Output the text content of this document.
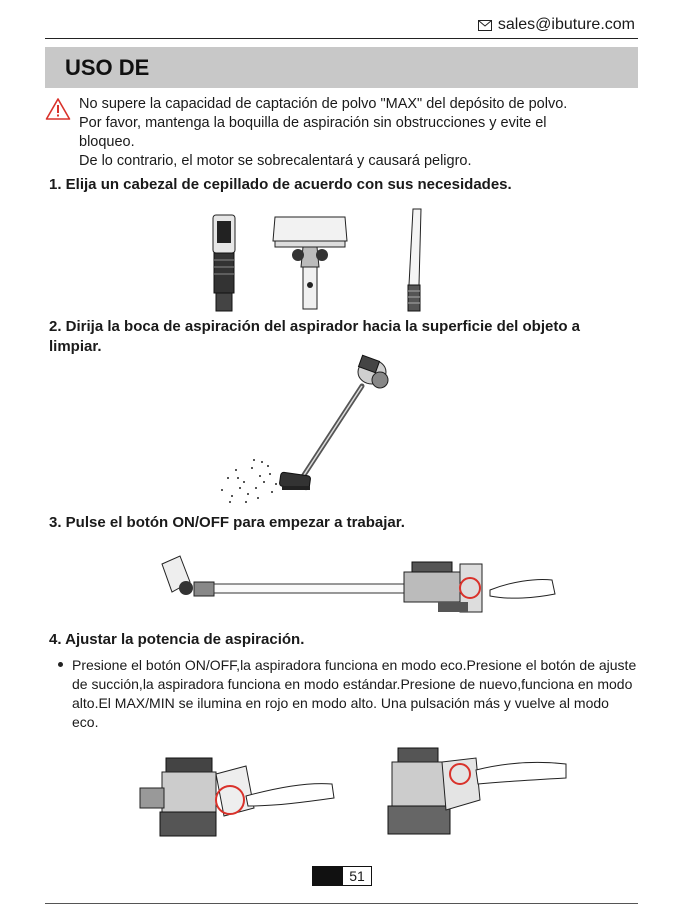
sales@ibuture.com
USO DE
No supere la capacidad de captación de polvo "MAX" del depósito de polvo.
Por favor, mantenga la boquilla de aspiración sin obstrucciones y evite el
bloqueo.
De lo contrario, el motor se sobrecalentará y causará peligro.
1. Elija un cabezal de cepillado de acuerdo con sus necesidades.
2. Dirija la boca de aspiración del aspirador hacia la superficie del objeto a
limpiar.
3. Pulse el botón ON/OFF para empezar a trabajar.
4. Ajustar la potencia de aspiración.
Presione el botón ON/OFF,la aspiradora funciona en modo eco.Presione el botón de ajuste
de succión,la aspiradora funciona en modo estándar.Presione de nuevo,funciona en modo
alto.El MAX/MIN se ilumina en rojo en modo alto. Una pulsación más y vuelve al modo
eco.
51
